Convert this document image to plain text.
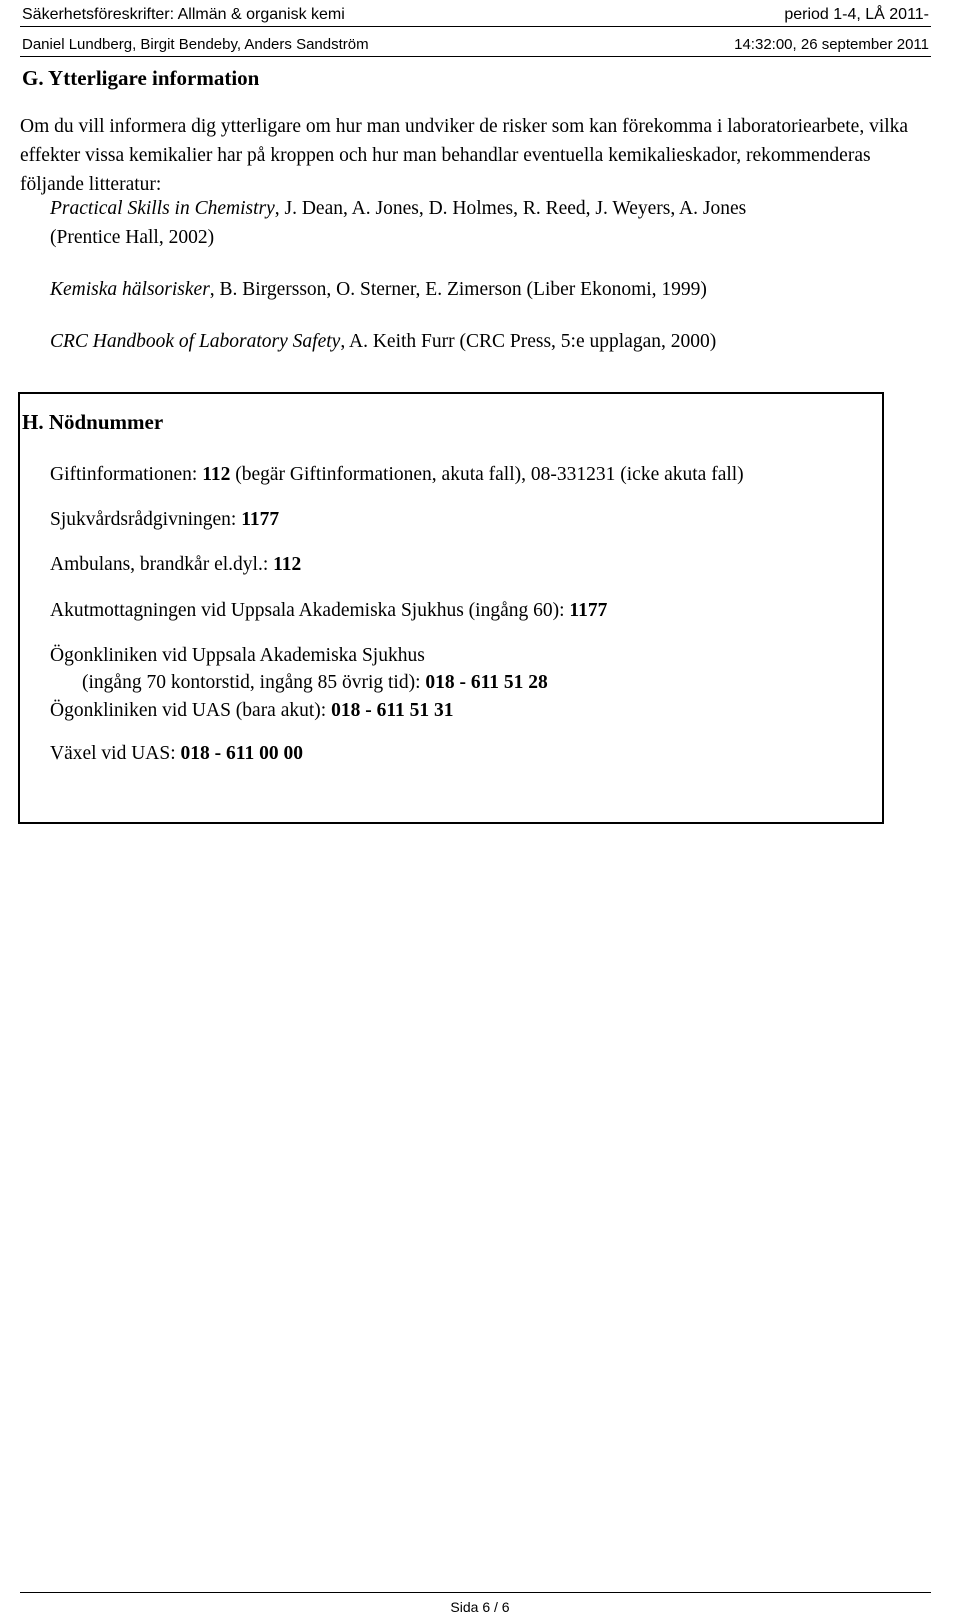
Säkerhetsföreskrifter: Allmän & organisk kemi	period 1-4, LÅ 2011-
Daniel Lundberg, Birgit Bendeby, Anders Sandström	14:32:00, 26 september 2011
G. Ytterligare information

Om du vill informera dig ytterligare om hur man undviker de risker som kan förekomma i laboratoriearbete, vilka effekter vissa kemikalier har på kroppen och hur man behandlar eventuella kemikalieskador, rekommenderas följande litteratur:

Practical Skills in Chemistry, J. Dean, A. Jones, D. Holmes, R. Reed, J. Weyers, A. Jones
(Prentice Hall, 2002)
Kemiska hälsorisker, B. Birgersson, O. Sterner, E. Zimerson (Liber Ekonomi, 1999)
CRC Handbook of Laboratory Safety, A. Keith Furr (CRC Press, 5:e upplagan, 2000)
H. Nödnummer
Giftinformationen: 112 (begär Giftinformationen, akuta fall), 08-331231 (icke akuta fall)
Sjukvårdsrådgivningen: 1177
Ambulans, brandkår el.dyl.: 112
Akutmottagningen vid Uppsala Akademiska Sjukhus (ingång 60): 1177
Ögonkliniken vid Uppsala Akademiska Sjukhus
(ingång 70 kontorstid, ingång 85 övrig tid): 018 - 611 51 28
Ögonkliniken vid UAS (bara akut): 018 - 611 51 31
Växel vid UAS: 018 - 611 00 00
Sida 6 / 6
